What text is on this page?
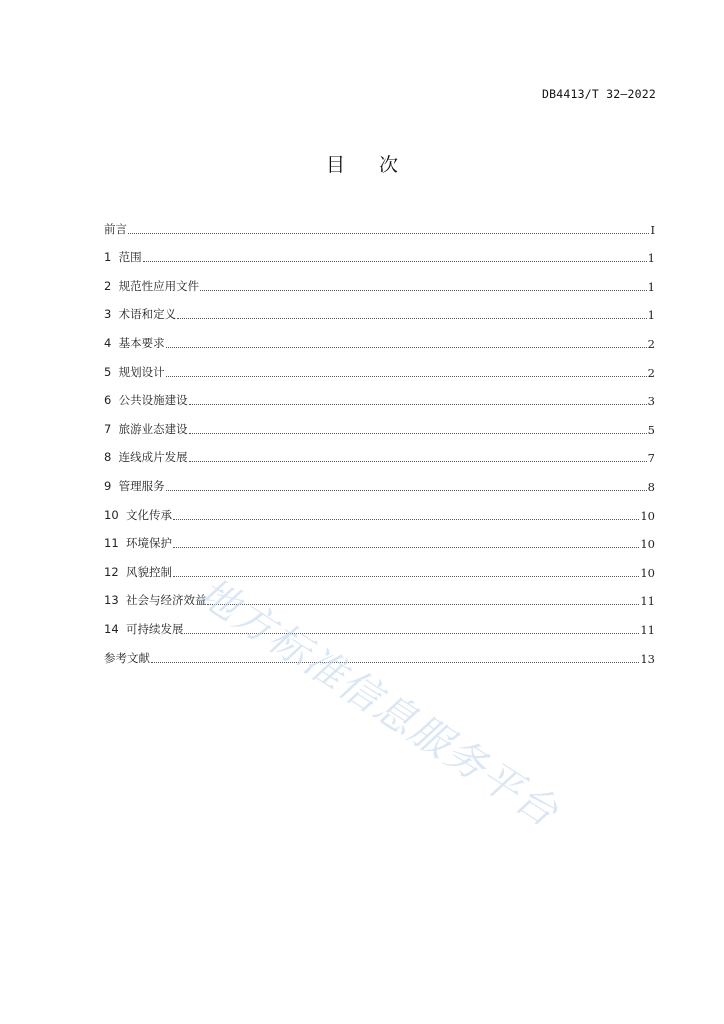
DB4413/T 32—2022
目 次
前言	I
1  范围	1
2  规范性应用文件	1
3  术语和定义	1
4  基本要求	2
5  规划设计	2
6  公共设施建设	3
7  旅游业态建设	5
8  连线成片发展	7
9  管理服务	8
10  文化传承	10
11  环境保护	10
12  风貌控制	10
13  社会与经济效益	11
14  可持续发展	11
参考文献	13
地方标准信息服务平台
